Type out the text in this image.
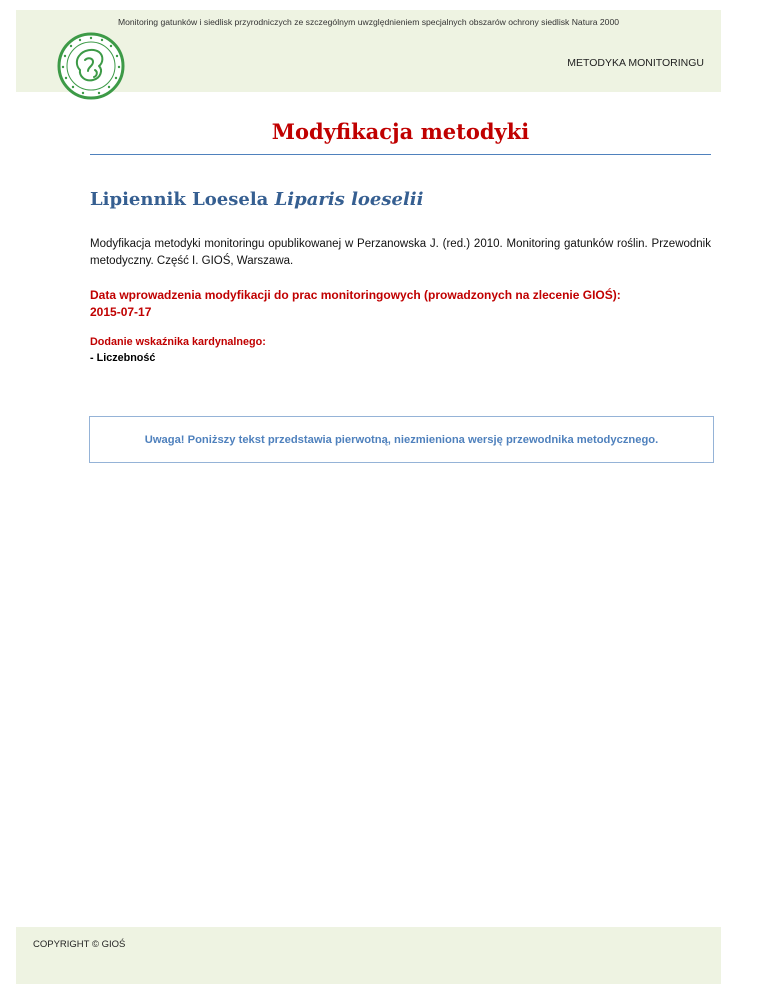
Monitoring gatunków i siedlisk przyrodniczych ze szczególnym uwzględnieniem specjalnych obszarów ochrony siedlisk Natura 2000
METODYKA MONITORINGU
Modyfikacja metodyki
Lipiennik Loesela Liparis loeselii
Modyfikacja metodyki monitoringu opublikowanej w Perzanowska J. (red.) 2010. Monitoring gatunków roślin. Przewodnik metodyczny. Część I. GIOŚ, Warszawa.
Data wprowadzenia modyfikacji do prac monitoringowych (prowadzonych na zlecenie GIOŚ):
2015-07-17
Dodanie wskaźnika kardynalnego:
- Liczebność
Uwaga! Poniższy tekst przedstawia pierwotną, niezmieniona wersję przewodnika metodycznego.
COPYRIGHT © GIOŚ
